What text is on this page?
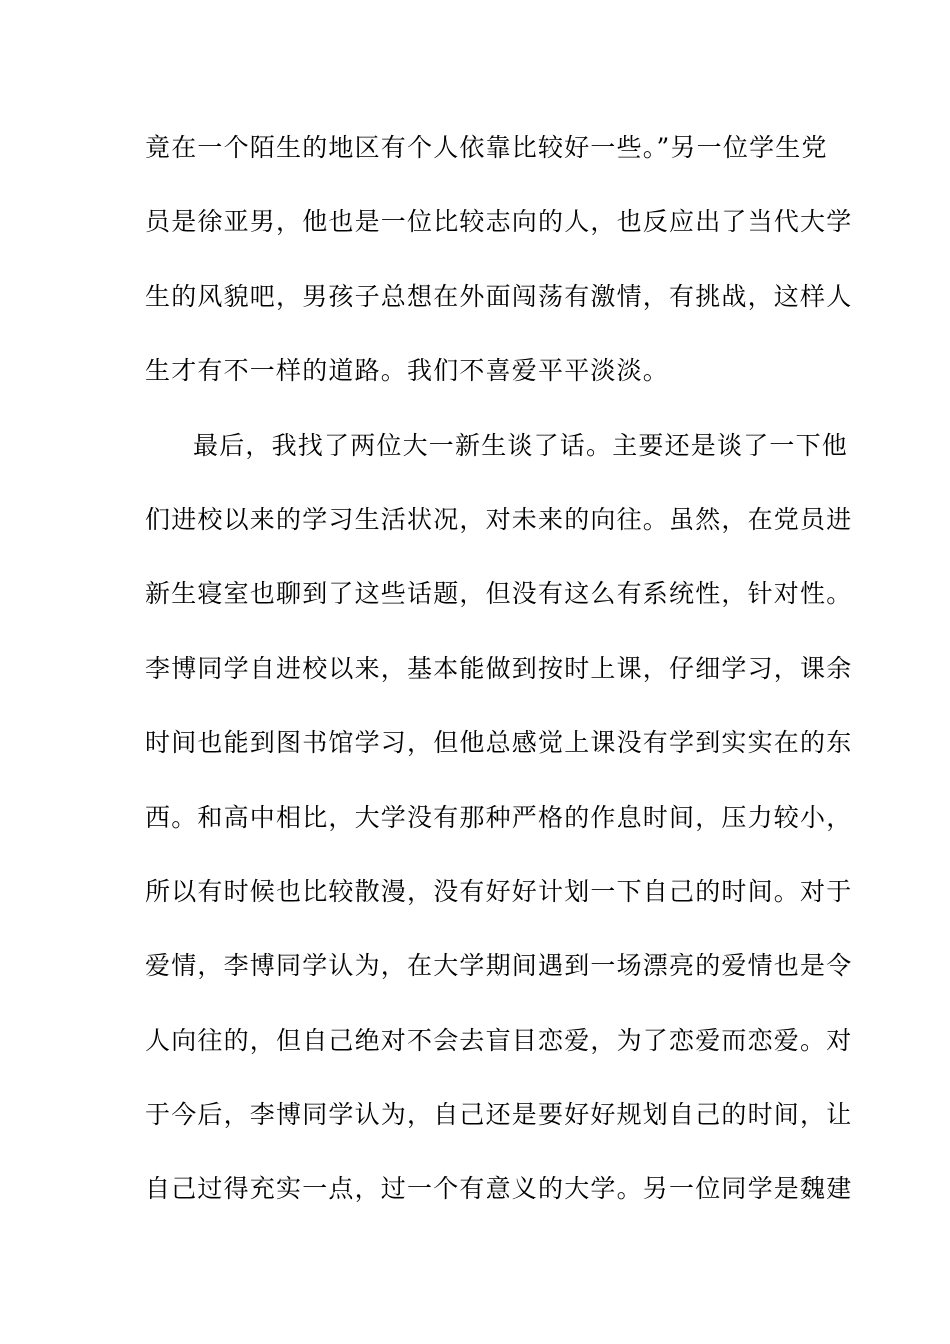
竟在一个陌生的地区有个人依靠比较好一些。”另一位学生党
员是徐亚男，他也是一位比较志向的人，也反应出了当代大学
生的风貌吧，男孩子总想在外面闯荡有激情，有挑战，这样人
生才有不一样的道路。我们不喜爱平平淡淡。
最后，我找了两位大一新生谈了话。主要还是谈了一下他
们进校以来的学习生活状况，对未来的向往。虽然，在党员进
新生寝室也聊到了这些话题，但没有这么有系统性，针对性。
李博同学自进校以来，基本能做到按时上课，仔细学习，课余
时间也能到图书馆学习，但他总感觉上课没有学到实实在的东
西。和高中相比，大学没有那种严格的作息时间，压力较小，
所以有时候也比较散漫，没有好好计划一下自己的时间。对于
爱情，李博同学认为，在大学期间遇到一场漂亮的爱情也是令
人向往的，但自己绝对不会去盲目恋爱，为了恋爱而恋爱。对
于今后，李博同学认为，自己还是要好好规划自己的时间，让
自己过得充实一点，过一个有意义的大学。另一位同学是魏建
